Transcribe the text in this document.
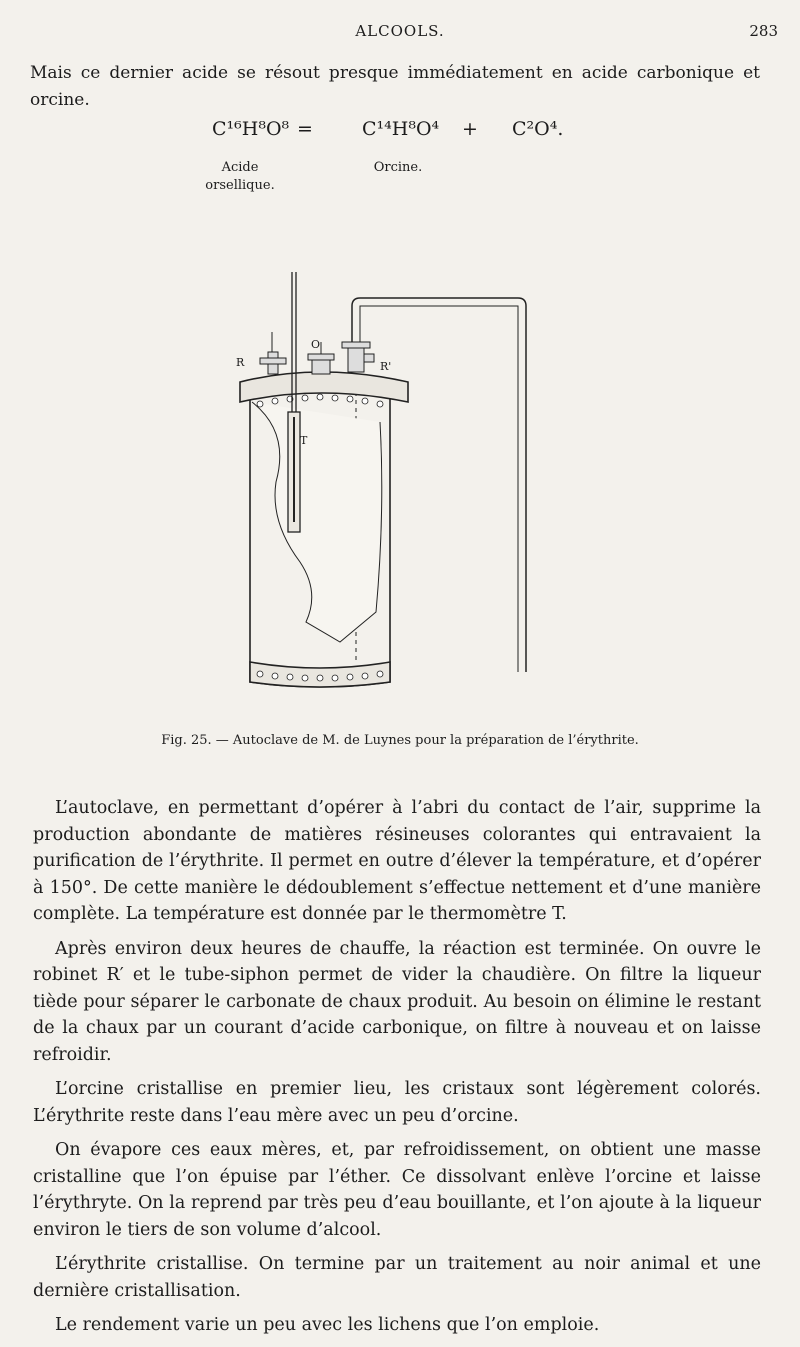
ALCOOLS.	283

Mais ce dernier acide se résout presque immédiatement en acide carbonique et orcine.

C¹⁶H⁸O⁸ =	C¹⁴H⁸O⁴ + C²O⁴.
Acide
orsellique.
Orcine.
R
O
R'
T
Fig. 25. — Autoclave de M. de Luynes pour la préparation de l’érythrite.

L’autoclave, en permettant d’opérer à l’abri du contact de l’air, supprime la production abondante de matières résineuses colorantes qui entravaient la purification de l’érythrite. Il permet en outre d’élever la température, et d’opérer à 150°. De cette manière le dédoublement s’effectue nettement et d’une manière complète. La température est donnée par le thermomètre T.

Après environ deux heures de chauffe, la réaction est terminée. On ouvre le robinet R′ et le tube-siphon permet de vider la chaudière. On filtre la liqueur tiède pour séparer le carbonate de chaux produit. Au besoin on élimine le restant de la chaux par un courant d’acide carbonique, on filtre à nouveau et on laisse refroidir.

L’orcine cristallise en premier lieu, les cristaux sont légèrement colorés. L’érythrite reste dans l’eau mère avec un peu d’orcine.

On évapore ces eaux mères, et, par refroidissement, on obtient une masse cristalline que l’on épuise par l’éther. Ce dissolvant enlève l’orcine et laisse l’érythryte. On la reprend par très peu d’eau bouillante, et l’on ajoute à la liqueur environ le tiers de son volume d’alcool.

L’érythrite cristallise. On termine par un traitement au noir animal et une dernière cristallisation.

Le rendement varie un peu avec les lichens que l’on emploie.
